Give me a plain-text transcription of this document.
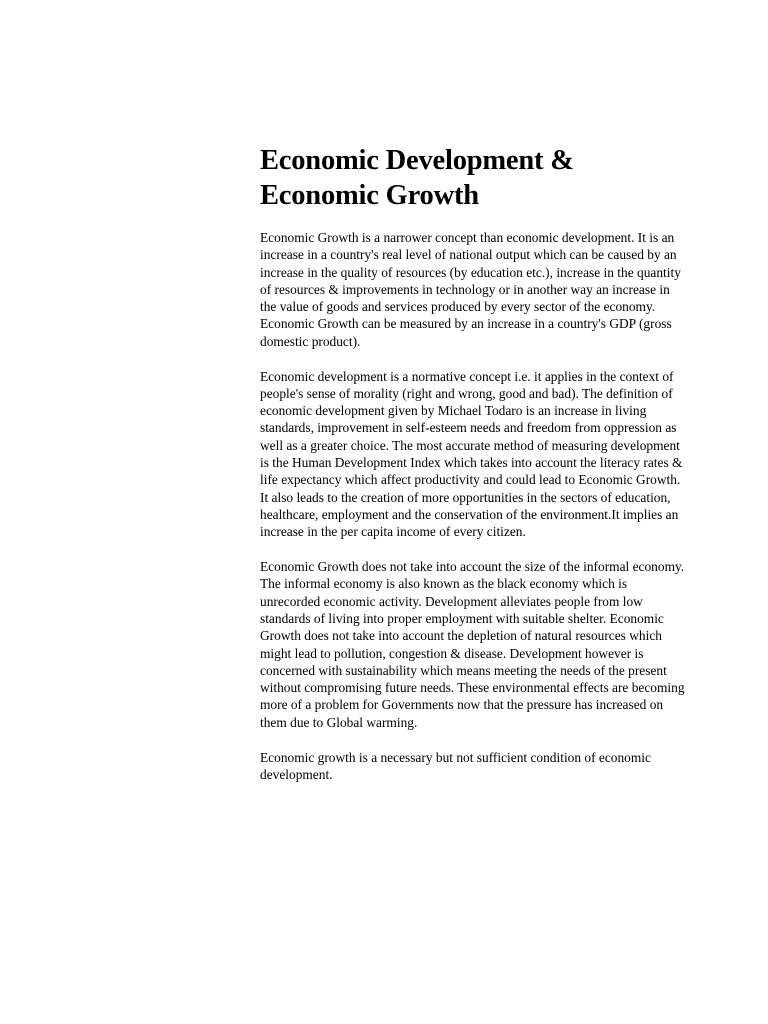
Economic Development &
Economic Growth

Economic Growth is a narrower concept than economic development. It is an increase in a country's real level of national output which can be caused by an increase in the quality of resources (by education etc.), increase in the quantity of resources & improvements in technology or in another way an increase in the value of goods and services produced by every sector of the economy. Economic Growth can be measured by an increase in a country's GDP (gross domestic product).

Economic development is a normative concept i.e. it applies in the context of people's sense of morality (right and wrong, good and bad). The definition of economic development given by Michael Todaro is an increase in living standards, improvement in self-esteem needs and freedom from oppression as well as a greater choice. The most accurate method of measuring development is the Human Development Index which takes into account the literacy rates & life expectancy which affect productivity and could lead to Economic Growth. It also leads to the creation of more opportunities in the sectors of education, healthcare, employment and the conservation of the environment.It implies an increase in the per capita income of every citizen.

Economic Growth does not take into account the size of the informal economy. The informal economy is also known as the black economy which is unrecorded economic activity. Development alleviates people from low standards of living into proper employment with suitable shelter. Economic Growth does not take into account the depletion of natural resources which might lead to pollution, congestion & disease. Development however is concerned with sustainability which means meeting the needs of the present without compromising future needs. These environmental effects are becoming more of a problem for Governments now that the pressure has increased on them due to Global warming.

Economic growth is a necessary but not sufficient condition of economic development.
